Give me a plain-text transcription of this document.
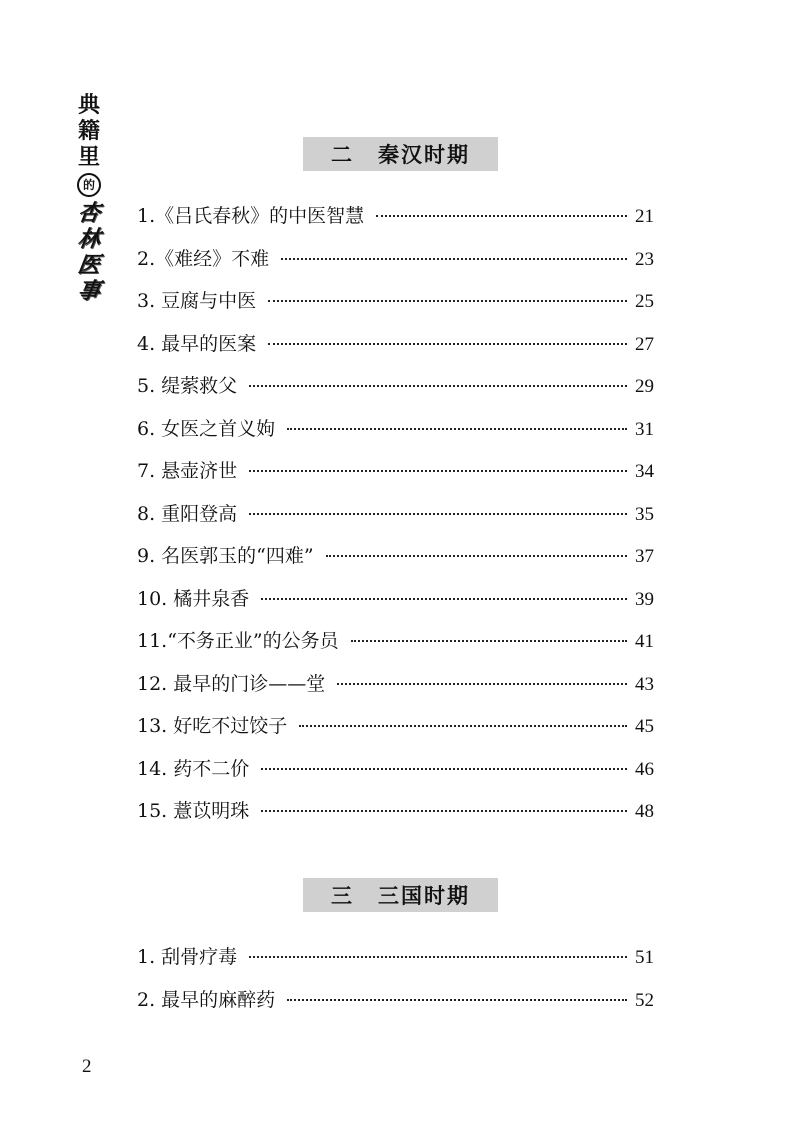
典
籍
里
的
杏
林
医
事
二 秦汉时期
1.《吕氏春秋》的中医智慧	21
2.《难经》不难	23
3. 豆腐与中医	25
4. 最早的医案	27
5. 缇萦救父	29
6. 女医之首义姁	31
7. 悬壶济世	34
8. 重阳登高	35
9. 名医郭玉的“四难”	37
10. 橘井泉香	39
11.“不务正业”的公务员	41
12. 最早的门诊——堂	43
13. 好吃不过饺子	45
14. 药不二价	46
15. 薏苡明珠	48
三 三国时期
1. 刮骨疗毒	51
2. 最早的麻醉药	52
2
